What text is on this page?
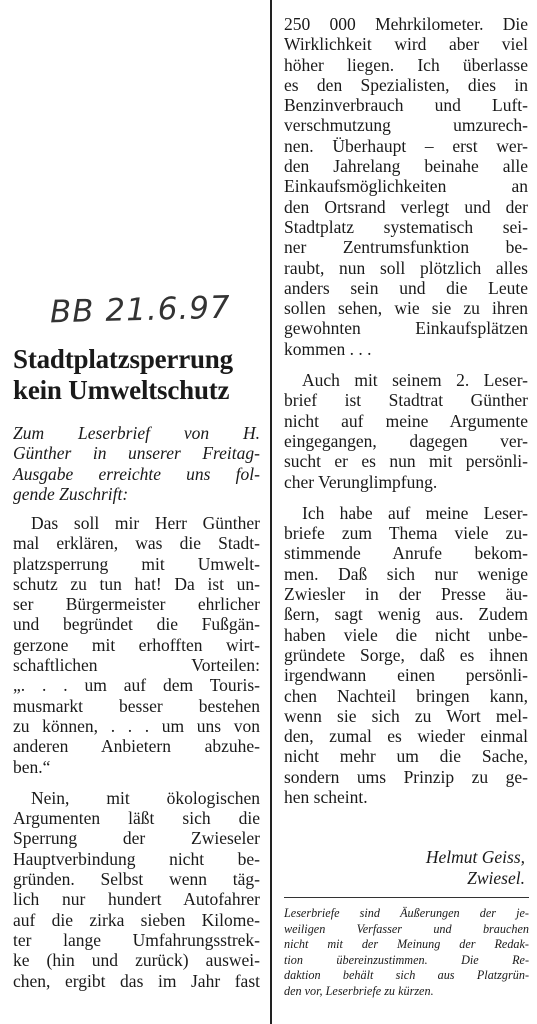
BB 21.6.97
Stadtplatzsperrung
kein Umweltschutz
Zum Leserbrief von H.
Günther in unserer Freitag-
Ausgabe erreichte uns fol-
gende Zuschrift:
Das soll mir Herr Günther
mal erklären, was die Stadt-
platzsperrung mit Umwelt-
schutz zu tun hat! Da ist un-
ser Bürgermeister ehrlicher
und begründet die Fußgän-
gerzone mit erhofften wirt-
schaftlichen Vorteilen:
„. . . um auf dem Touris-
musmarkt besser bestehen
zu können, . . . um uns von
anderen Anbietern abzuhe-
ben.“
Nein, mit ökologischen
Argumenten läßt sich die
Sperrung der Zwieseler
Hauptverbindung nicht be-
gründen. Selbst wenn täg-
lich nur hundert Autofahrer
auf die zirka sieben Kilome-
ter lange Umfahrungsstrek-
ke (hin und zurück) auswei-
chen, ergibt das im Jahr fast
250 000 Mehrkilometer. Die
Wirklichkeit wird aber viel
höher liegen. Ich überlasse
es den Spezialisten, dies in
Benzinverbrauch und Luft-
verschmutzung umzurech-
nen. Überhaupt – erst wer-
den Jahrelang beinahe alle
Einkaufsmöglichkeiten an
den Ortsrand verlegt und der
Stadtplatz systematisch sei-
ner Zentrumsfunktion be-
raubt, nun soll plötzlich alles
anders sein und die Leute
sollen sehen, wie sie zu ihren
gewohnten Einkaufsplätzen
kommen . . .
Auch mit seinem 2. Leser-
brief ist Stadtrat Günther
nicht auf meine Argumente
eingegangen, dagegen ver-
sucht er es nun mit persönli-
cher Verunglimpfung.
Ich habe auf meine Leser-
briefe zum Thema viele zu-
stimmende Anrufe bekom-
men. Daß sich nur wenige
Zwiesler in der Presse äu-
ßern, sagt wenig aus. Zudem
haben viele die nicht unbe-
gründete Sorge, daß es ihnen
irgendwann einen persönli-
chen Nachteil bringen kann,
wenn sie sich zu Wort mel-
den, zumal es wieder einmal
nicht mehr um die Sache,
sondern ums Prinzip zu ge-
hen scheint.
Helmut Geiss,
Zwiesel.
Leserbriefe sind Äußerungen der je-
weiligen Verfasser und brauchen
nicht mit der Meinung der Redak-
tion übereinzustimmen. Die Re-
daktion behält sich aus Platzgrün-
den vor, Leserbriefe zu kürzen.
